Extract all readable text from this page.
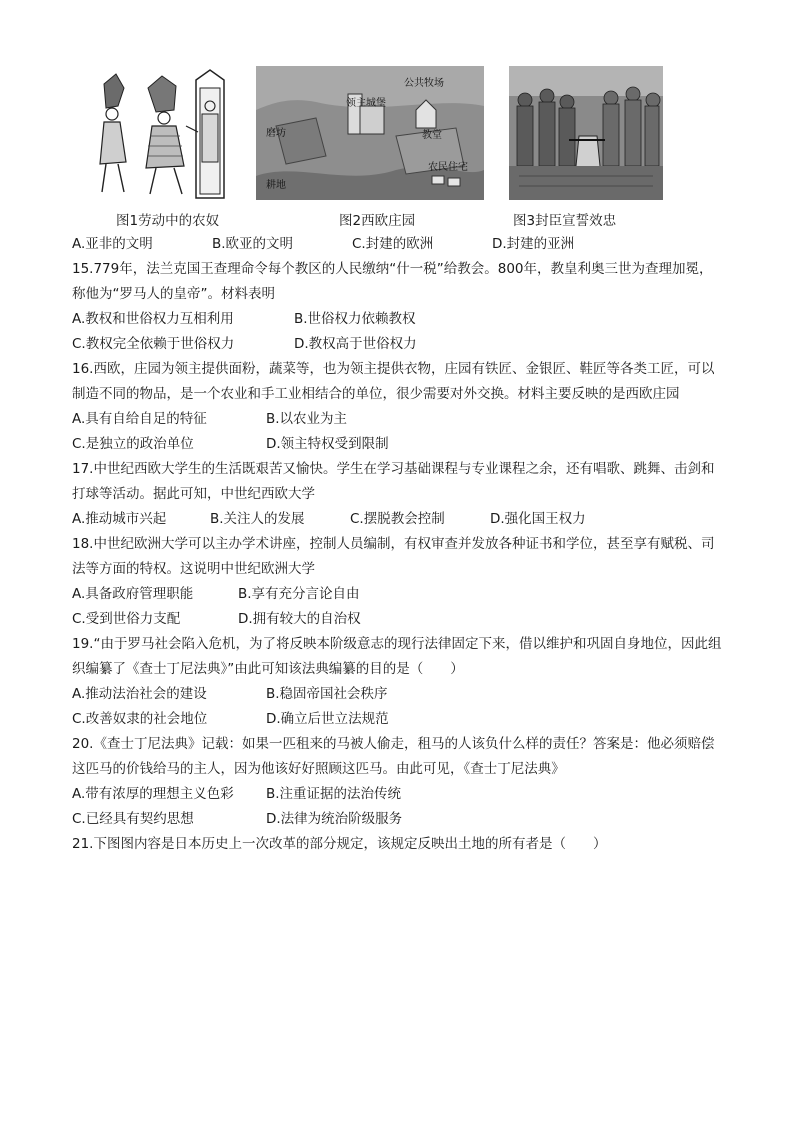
公共牧场
领主城堡
教堂
农民住宅
磨坊
耕地
图1劳动中的农奴	图2西欧庄园	图3封臣宣誓效忠
A.亚非的文明	B.欧亚的文明	C.封建的欧洲	D.封建的亚洲
15.779年，法兰克国王查理命令每个教区的人民缴纳“什一税”给教会。800年，教皇利奥三世为查理加冕，称他为“罗马人的皇帝”。材料表明
A.教权和世俗权力互相利用	B.世俗权力依赖教权
C.教权完全依赖于世俗权力	D.教权高于世俗权力
16.西欧，庄园为领主提供面粉，蔬菜等，也为领主提供衣物，庄园有铁匠、金银匠、鞋匠等各类工匠，可以制造不同的物品，是一个农业和手工业相结合的单位，很少需要对外交换。材料主要反映的是西欧庄园
A.具有自给自足的特征	B.以农业为主
C.是独立的政治单位	D.领主特权受到限制
17.中世纪西欧大学生的生活既艰苦又愉快。学生在学习基础课程与专业课程之余，还有唱歌、跳舞、击剑和打球等活动。据此可知，中世纪西欧大学
A.推动城市兴起	B.关注人的发展	C.摆脱教会控制	D.强化国王权力
18.中世纪欧洲大学可以主办学术讲座，控制人员编制，有权审查并发放各种证书和学位，甚至享有赋税、司法等方面的特权。这说明中世纪欧洲大学
A.具备政府管理职能	B.享有充分言论自由
C.受到世俗力支配	D.拥有较大的自治权
19.“由于罗马社会陷入危机，为了将反映本阶级意志的现行法律固定下来，借以维护和巩固自身地位，因此组织编纂了《查士丁尼法典》”由此可知该法典编纂的目的是（　　）
A.推动法治社会的建设	B.稳固帝国社会秩序
C.改善奴隶的社会地位	D.确立后世立法规范
20.《查士丁尼法典》记载：如果一匹租来的马被人偷走，租马的人该负什么样的责任？答案是：他必须赔偿这匹马的价钱给马的主人，因为他该好好照顾这匹马。由此可见，《查士丁尼法典》
A.带有浓厚的理想主义色彩 B.注重证据的法治传统
C.已经具有契约思想	D.法律为统治阶级服务
21.下图图内容是日本历史上一次改革的部分规定，该规定反映出土地的所有者是（　　）
